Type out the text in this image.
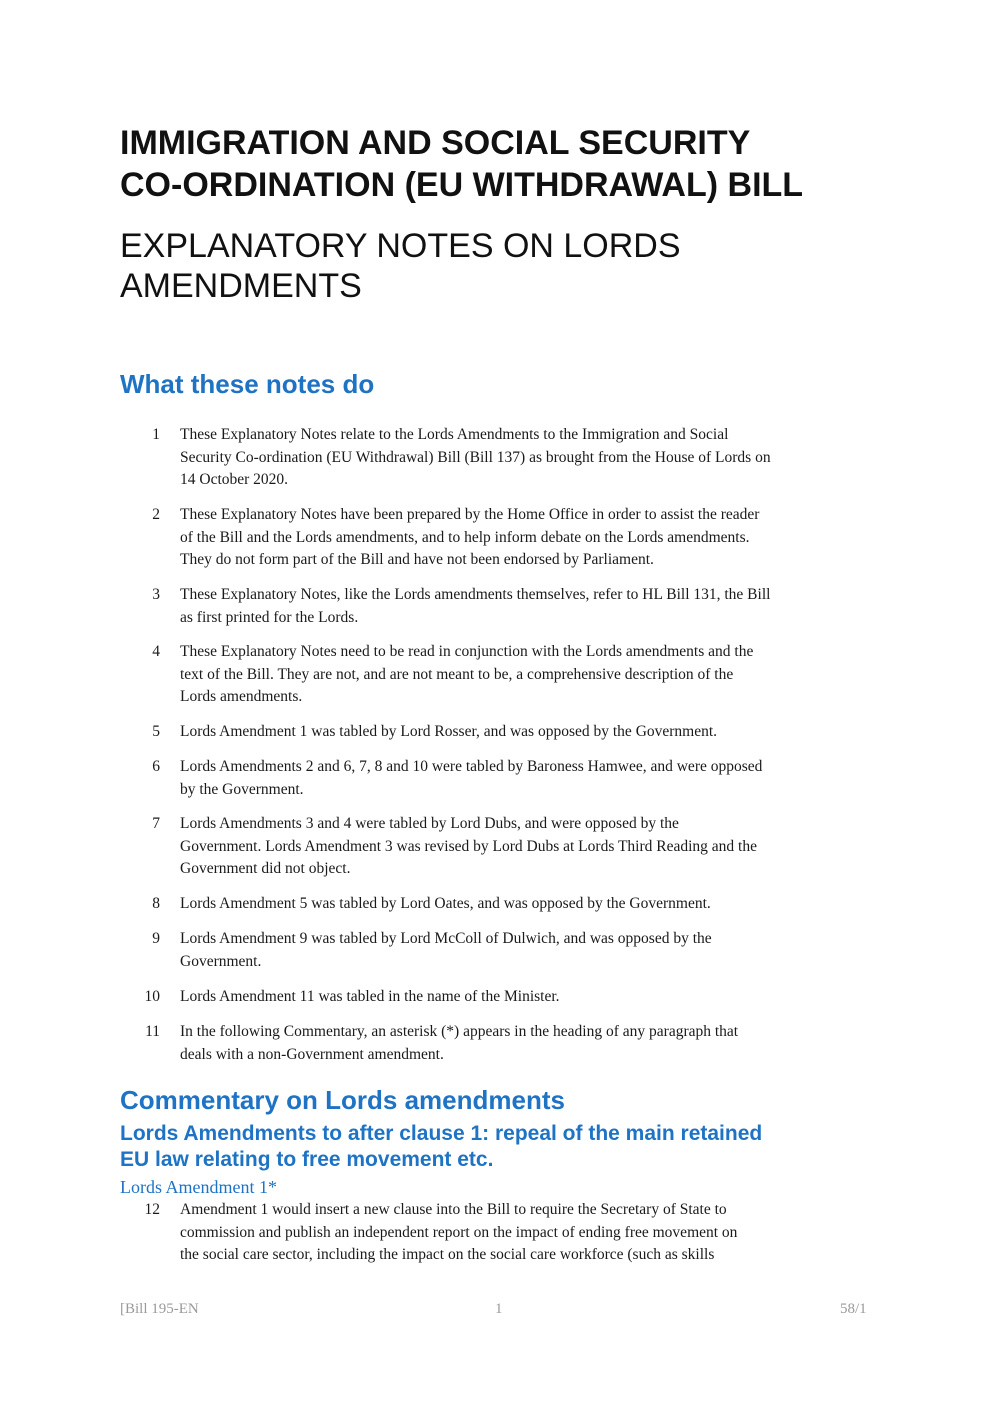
IMMIGRATION AND SOCIAL SECURITY
CO-ORDINATION (EU WITHDRAWAL) BILL
EXPLANATORY NOTES ON LORDS
AMENDMENTS
What these notes do
1 These Explanatory Notes relate to the Lords Amendments to the Immigration and Social
Security Co-ordination (EU Withdrawal) Bill (Bill 137) as brought from the House of Lords on
14 October 2020.
2 These Explanatory Notes have been prepared by the Home Office in order to assist the reader
of the Bill and the Lords amendments, and to help inform debate on the Lords amendments.
They do not form part of the Bill and have not been endorsed by Parliament.
3 These Explanatory Notes, like the Lords amendments themselves, refer to HL Bill 131, the Bill
as first printed for the Lords.
4 These Explanatory Notes need to be read in conjunction with the Lords amendments and the
text of the Bill. They are not, and are not meant to be, a comprehensive description of the
Lords amendments.
5 Lords Amendment 1 was tabled by Lord Rosser, and was opposed by the Government.
6 Lords Amendments 2 and 6, 7, 8 and 10 were tabled by Baroness Hamwee, and were opposed
by the Government.
7 Lords Amendments 3 and 4 were tabled by Lord Dubs, and were opposed by the
Government. Lords Amendment 3 was revised by Lord Dubs at Lords Third Reading and the
Government did not object.
8 Lords Amendment 5 was tabled by Lord Oates, and was opposed by the Government.
9 Lords Amendment 9 was tabled by Lord McColl of Dulwich, and was opposed by the
Government.
10 Lords Amendment 11 was tabled in the name of the Minister.
11 In the following Commentary, an asterisk (*) appears in the heading of any paragraph that
deals with a non-Government amendment.
Commentary on Lords amendments
Lords Amendments to after clause 1: repeal of the main retained
EU law relating to free movement etc.
Lords Amendment 1*
12 Amendment 1 would insert a new clause into the Bill to require the Secretary of State to
commission and publish an independent report on the impact of ending free movement on
the social care sector, including the impact on the social care workforce (such as skills
[Bill 195-EN	1	58/1
